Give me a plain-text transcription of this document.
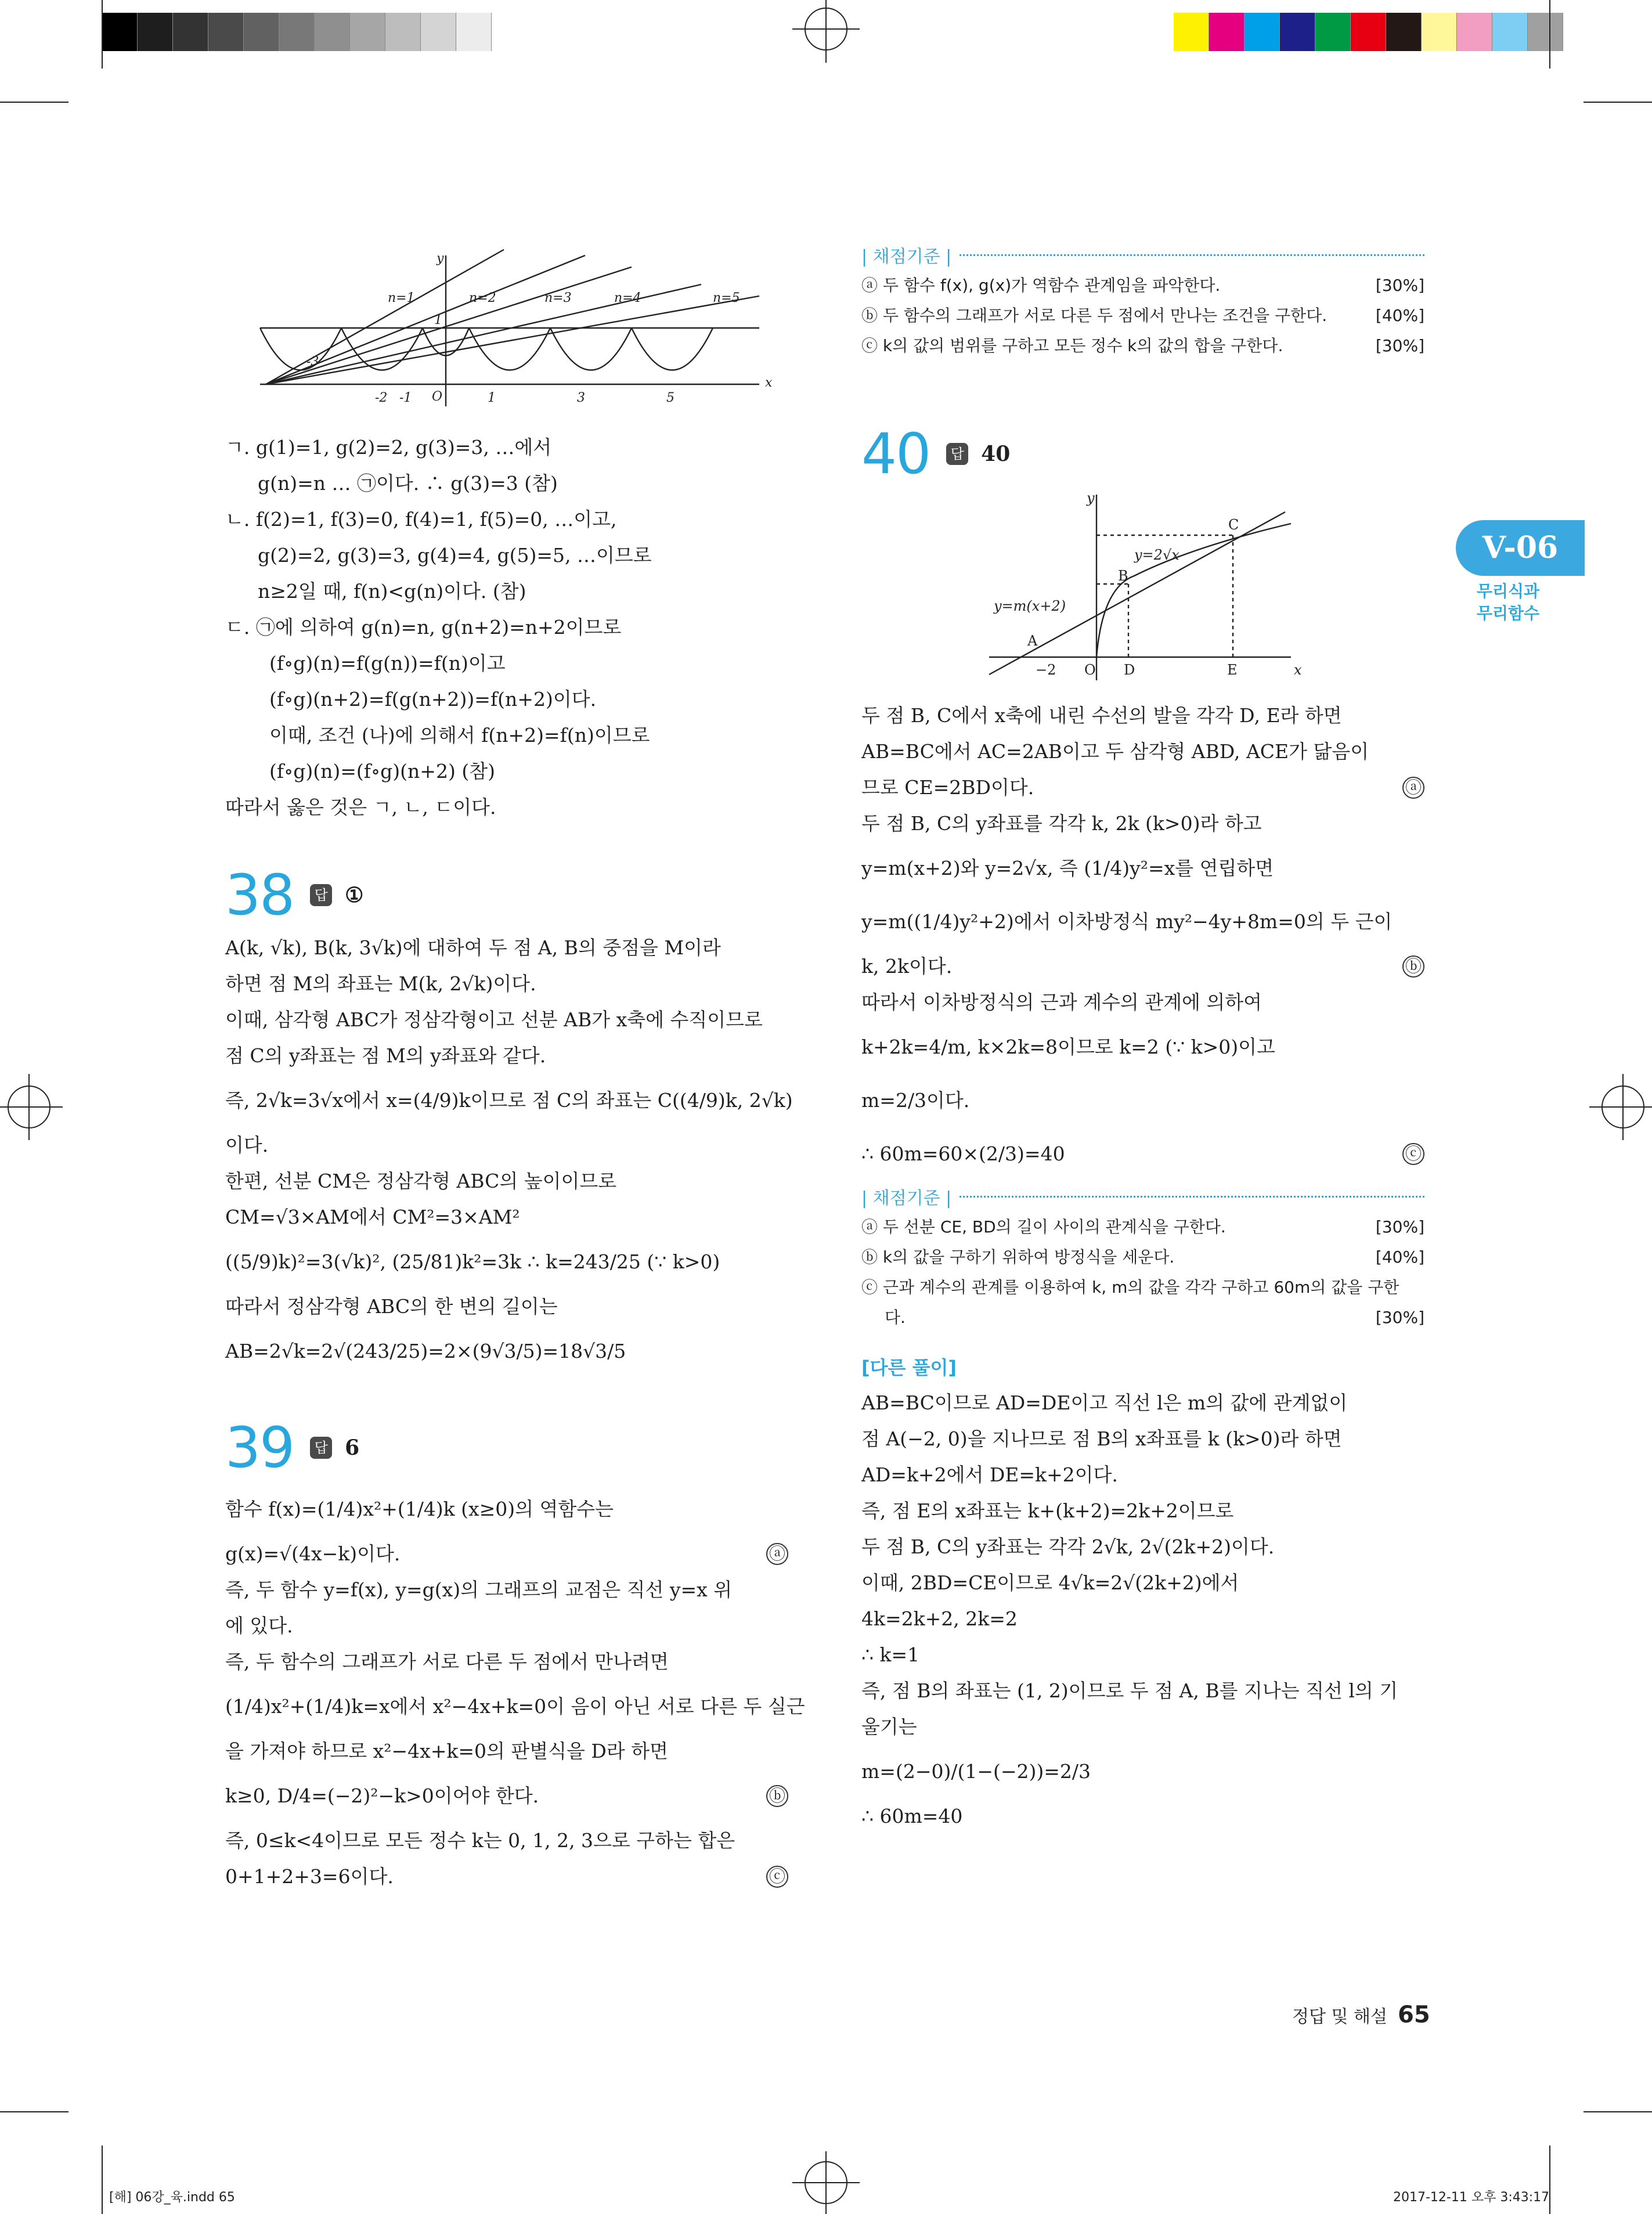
y
n=1	n=2	n=3	n=4	n=5
1
-3
-2 -1 O	1	3	5
x
ㄱ. g(1)=1, g(2)=2, g(3)=3, …에서
g(n)=n … ㉠이다. ∴ g(3)=3 (참)
ㄴ. f(2)=1, f(3)=0, f(4)=1, f(5)=0, …이고,
g(2)=2, g(3)=3, g(4)=4, g(5)=5, …이므로
n≥2일 때, f(n)<g(n)이다. (참)
ㄷ. ㉠에 의하여 g(n)=n, g(n+2)=n+2이므로
(f∘g)(n)=f(g(n))=f(n)이고
(f∘g)(n+2)=f(g(n+2))=f(n+2)이다.
이때, 조건 (나)에 의해서 f(n+2)=f(n)이므로
(f∘g)(n)=(f∘g)(n+2) (참)
따라서 옳은 것은 ㄱ, ㄴ, ㄷ이다.
38	답 ①
A(k, √k), B(k, 3√k)에 대하여 두 점 A, B의 중점을 M이라
하면 점 M의 좌표는 M(k, 2√k)이다.
이때, 삼각형 ABC가 정삼각형이고 선분 AB가 x축에 수직이므로
점 C의 y좌표는 점 M의 y좌표와 같다.
즉, 2√k=3√x에서 x=(4/9)k이므로 점 C의 좌표는 C((4/9)k, 2√k)
이다.
한편, 선분 CM은 정삼각형 ABC의 높이이므로
CM=√3×AM에서 CM²=3×AM²
((5/9)k)²=3(√k)², (25/81)k²=3k ∴ k=243/25 (∵ k>0)
따라서 정삼각형 ABC의 한 변의 길이는
AB=2√k=2√(243/25)=2×(9√3/5)=18√3/5
39	답 6
함수 f(x)=(1/4)x²+(1/4)k (x≥0)의 역함수는
g(x)=√(4x−k)이다.	ⓐ
즉, 두 함수 y=f(x), y=g(x)의 그래프의 교점은 직선 y=x 위
에 있다.
즉, 두 함수의 그래프가 서로 다른 두 점에서 만나려면
(1/4)x²+(1/4)k=x에서 x²−4x+k=0이 음이 아닌 서로 다른 두 실근
을 가져야 하므로 x²−4x+k=0의 판별식을 D라 하면
k≥0, D/4=(−2)²−k>0이어야 한다.	ⓑ
즉, 0≤k<4이므로 모든 정수 k는 0, 1, 2, 3으로 구하는 합은
0+1+2+3=6이다.	ⓒ
| 채점기준 |
ⓐ 두 함수 f(x), g(x)가 역함수 관계임을 파악한다.	[30%]
ⓑ 두 함수의 그래프가 서로 다른 두 점에서 만나는 조건을 구한다.	[40%]
ⓒ k의 값의 범위를 구하고 모든 정수 k의 값의 합을 구한다.	[30%]
40	답 40
y
C
y=2√x
B
y=m(x+2)
A
−2 O D	E	x
두 점 B, C에서 x축에 내린 수선의 발을 각각 D, E라 하면
AB=BC에서 AC=2AB이고 두 삼각형 ABD, ACE가 닮음이
므로 CE=2BD이다.	ⓐ
두 점 B, C의 y좌표를 각각 k, 2k (k>0)라 하고
y=m(x+2)와 y=2√x, 즉 (1/4)y²=x를 연립하면
y=m((1/4)y²+2)에서 이차방정식 my²−4y+8m=0의 두 근이
k, 2k이다.	ⓑ
따라서 이차방정식의 근과 계수의 관계에 의하여
k+2k=4/m, k×2k=8이므로 k=2 (∵ k>0)이고
m=2/3이다.
∴ 60m=60×(2/3)=40	ⓒ
| 채점기준 |
ⓐ 두 선분 CE, BD의 길이 사이의 관계식을 구한다.	[30%]
ⓑ k의 값을 구하기 위하여 방정식을 세운다.	[40%]
ⓒ 근과 계수의 관계를 이용하여 k, m의 값을 각각 구하고 60m의 값을 구한
다.	[30%]
[다른 풀이]
AB=BC이므로 AD=DE이고 직선 l은 m의 값에 관계없이
점 A(−2, 0)을 지나므로 점 B의 x좌표를 k (k>0)라 하면
AD=k+2에서 DE=k+2이다.
즉, 점 E의 x좌표는 k+(k+2)=2k+2이므로
두 점 B, C의 y좌표는 각각 2√k, 2√(2k+2)이다.
이때, 2BD=CE이므로 4√k=2√(2k+2)에서
4k=2k+2, 2k=2
∴ k=1
즉, 점 B의 좌표는 (1, 2)이므로 두 점 A, B를 지나는 직선 l의 기
울기는
m=(2−0)/(1−(−2))=2/3
∴ 60m=40
V-06
무리식과
무리함수
정답 및 해설 65
[해] 06강_육.indd 65	2017-12-11 오후 3:43:17
